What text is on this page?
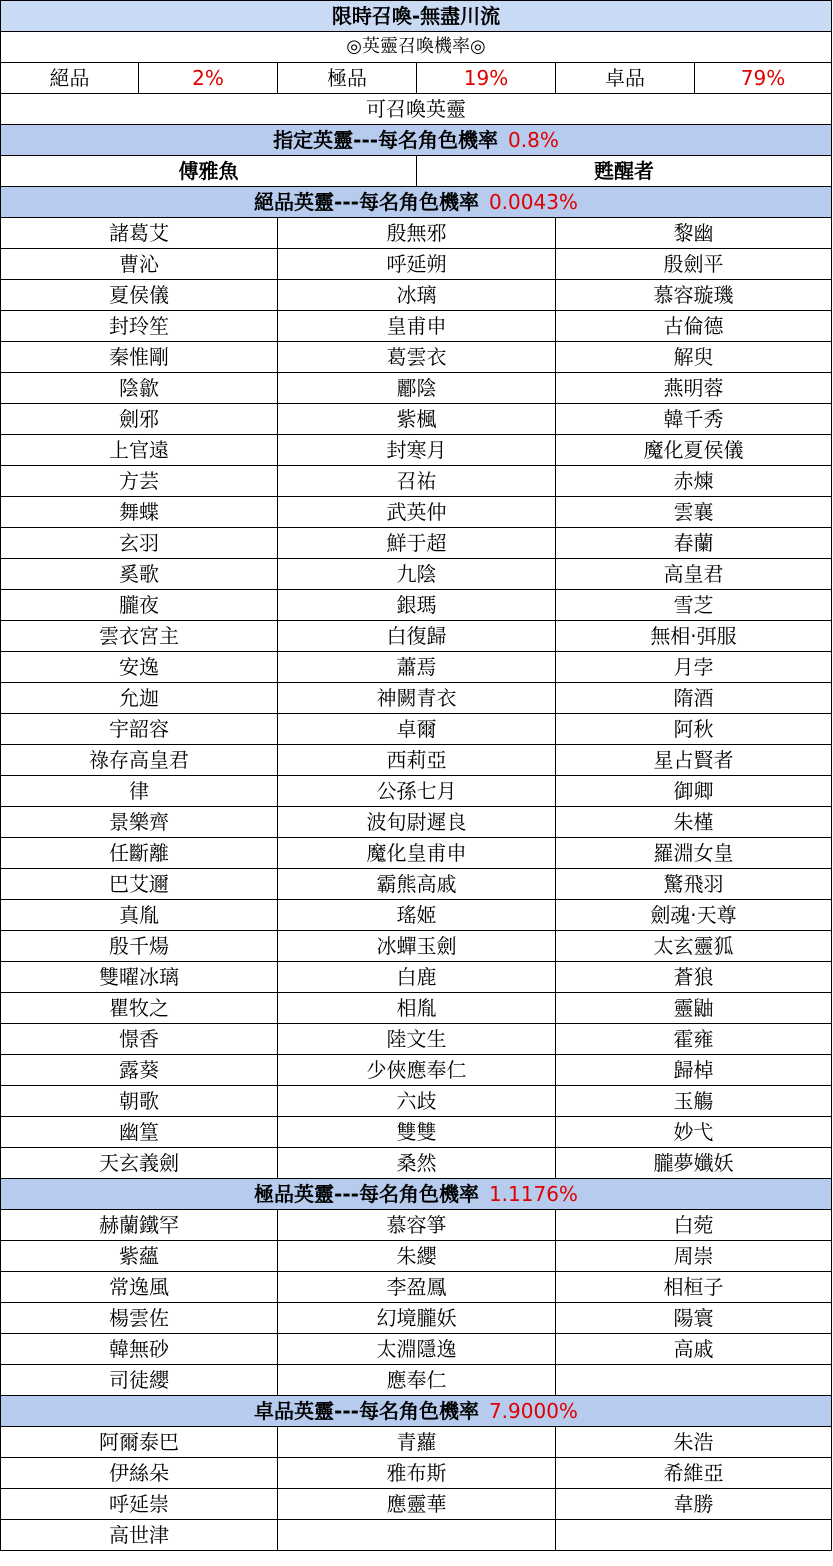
限時召喚-無盡川流					
◎英靈召喚機率◎					
絕品	2%	極品	19%	卓品	79%
可召喚英靈					
指定英靈---每名角色機率 0.8%					
傅雅魚			甦醒者		
絕品英靈---每名角色機率 0.0043%					
諸葛艾		殷無邪		黎幽	
曹沁		呼延朔		殷劍平	
夏侯儀		冰璃		慕容璇璣	
封玲笙		皇甫申		古倫德	
秦惟剛		葛雲衣		解臾	
陰歙		酈陰		燕明蓉	
劍邪		紫楓		韓千秀	
上官遠		封寒月		魔化夏侯儀	
方芸		召祐		赤煉	
舞蝶		武英仲		雲襄	
玄羽		鮮于超		春蘭	
奚歌		九陰		高皇君	
朧夜		銀瑪		雪芝	
雲衣宮主		白復歸		無相·弭服	
安逸		蕭焉		月孛	
允迦		神闕青衣		隋酒	
宇韶容		卓爾		阿秋	
祿存高皇君		西莉亞		星占賢者	
律		公孫七月		御卿	
景樂齊		波旬尉遲良		朱槿	
任斷離		魔化皇甫申		羅淵女皇	
巴艾邇		霸熊高戚		驚飛羽	
真胤		瑤姬		劍魂·天尊	
殷千煬		冰蟬玉劍		太玄靈狐	
雙曜冰璃		白鹿		蒼狼	
瞿牧之		相胤		靈鼬	
憬香		陸文生		霍雍	
露葵		少俠應奉仁		歸棹	
朝歌		六歧		玉觴	
幽篁		雙雙		妙弋	
天玄義劍		桑然		朧夢孅妖	
極品英靈---每名角色機率 1.1176%					
赫蘭鐵罕		慕容箏		白菀	
紫蘊		朱纓		周崇	
常逸風		李盈鳳		相桓子	
楊雲佐		幻境朧妖		陽寰	
韓無砂		太淵隱逸		高戚	
司徒纓		應奉仁			
卓品英靈---每名角色機率 7.9000%					
阿爾泰巴		青蘿		朱浩	
伊絲朵		雅布斯		希維亞	
呼延崇		應靈華		韋勝	
高世津					
